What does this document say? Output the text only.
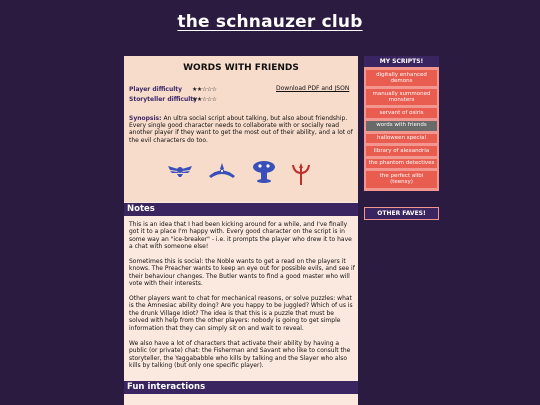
the schnauzer club
WORDS WITH FRIENDS
Player difficulty ★★☆☆☆
Storyteller difficulty
★★☆☆☆
Download PDF and JSON
Synopsis: An ultra social script about talking, but also about friendship. Every single good character needs to collaborate with or socially read another player if they want to get the most out of their ability, and a lot of the evil characters do too.
Notes
This is an idea that I had been kicking around for a while, and I've finally got it to a place I'm happy with. Every good character on the script is in some way an "ice-breaker" - i.e. it prompts the player who drew it to have a chat with someone else!
Sometimes this is social: the Noble wants to get a read on the players it knows. The Preacher wants to keep an eye out for possible evils, and see if their behaviour changes. The Butler wants to find a good master who will vote with their interests.
Other players want to chat for mechanical reasons, or solve puzzles: what is the Amnesiac ability doing? Are you happy to be juggled? Which of us is the drunk Village Idiot? The idea is that this is a puzzle that must be solved with help from the other players: nobody is going to get simple information that they can simply sit on and wait to reveal.
We also have a lot of characters that activate their ability by having a public (or private) chat: the Fisherman and Savant who like to consult the storyteller, the Yaggababble who kills by talking and the Slayer who also kills by talking (but only one specific player).
Fun interactions
MY SCRIPTS!
digitally enhanced demons
manually summoned monsters
servant of osiris
words with friends
halloween special
library of alexandria
the phantom detectives
the perfect alibi (teensy)
OTHER FAVES!
